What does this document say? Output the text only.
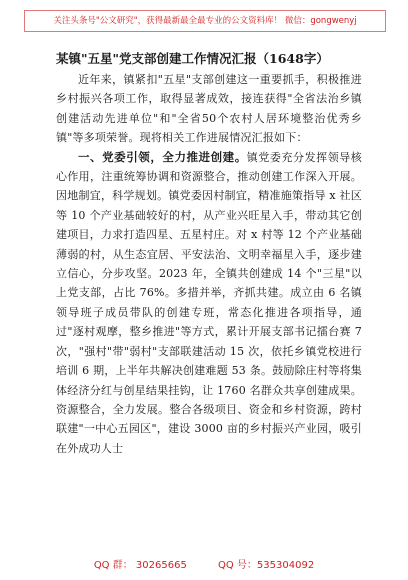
关注头条号"公文研究"，获得最新最全最专业的公文资料库！ 微信：gongwenyj
某镇"五星"党支部创建工作情况汇报（1648字）

近年来，镇紧扣"五星"支部创建这一重要抓手，积极推进乡村振兴各项工作，取得显著成效，接连获得"全省法治乡镇创建活动先进单位"和"全省50个农村人居环境整治优秀乡镇"等多项荣誉。现将相关工作进展情况汇报如下：

一、党委引领，全力推进创建。镇党委充分发挥领导核心作用，注重统筹协调和资源整合，推动创建工作深入开展。因地制宜，科学规划。镇党委因村制宜，精准施策指导 x 社区等 10 个产业基础较好的村，从产业兴旺星入手，带动其它创建项目，力求打造四星、五星村庄。对 x 村等 12 个产业基础薄弱的村，从生态宜居、平安法治、文明幸福星入手，逐步建立信心，分步攻坚。2023 年，全镇共创建成 14 个"三星"以上党支部，占比 76%。多措并举，齐抓共建。成立由 6 名镇领导班子成员带队的创建专班，常态化推进各项指导，通过"逐村观摩，整乡推进"等方式，累计开展支部书记擂台赛 7 次，"强村"带"弱村"支部联建活动 15 次，依托乡镇党校进行培训 6 期，上半年共解决创建难题 53 条。鼓励除庄村等将集体经济分红与创星结果挂钩，让 1760 名群众共享创建成果。资源整合，全力发展。整合各级项目、资金和乡村资源，跨村联建"一中心五园区"，建设 3000 亩的乡村振兴产业园，吸引在外成功人士

QQ 群： 30265665	QQ 号：535304092
